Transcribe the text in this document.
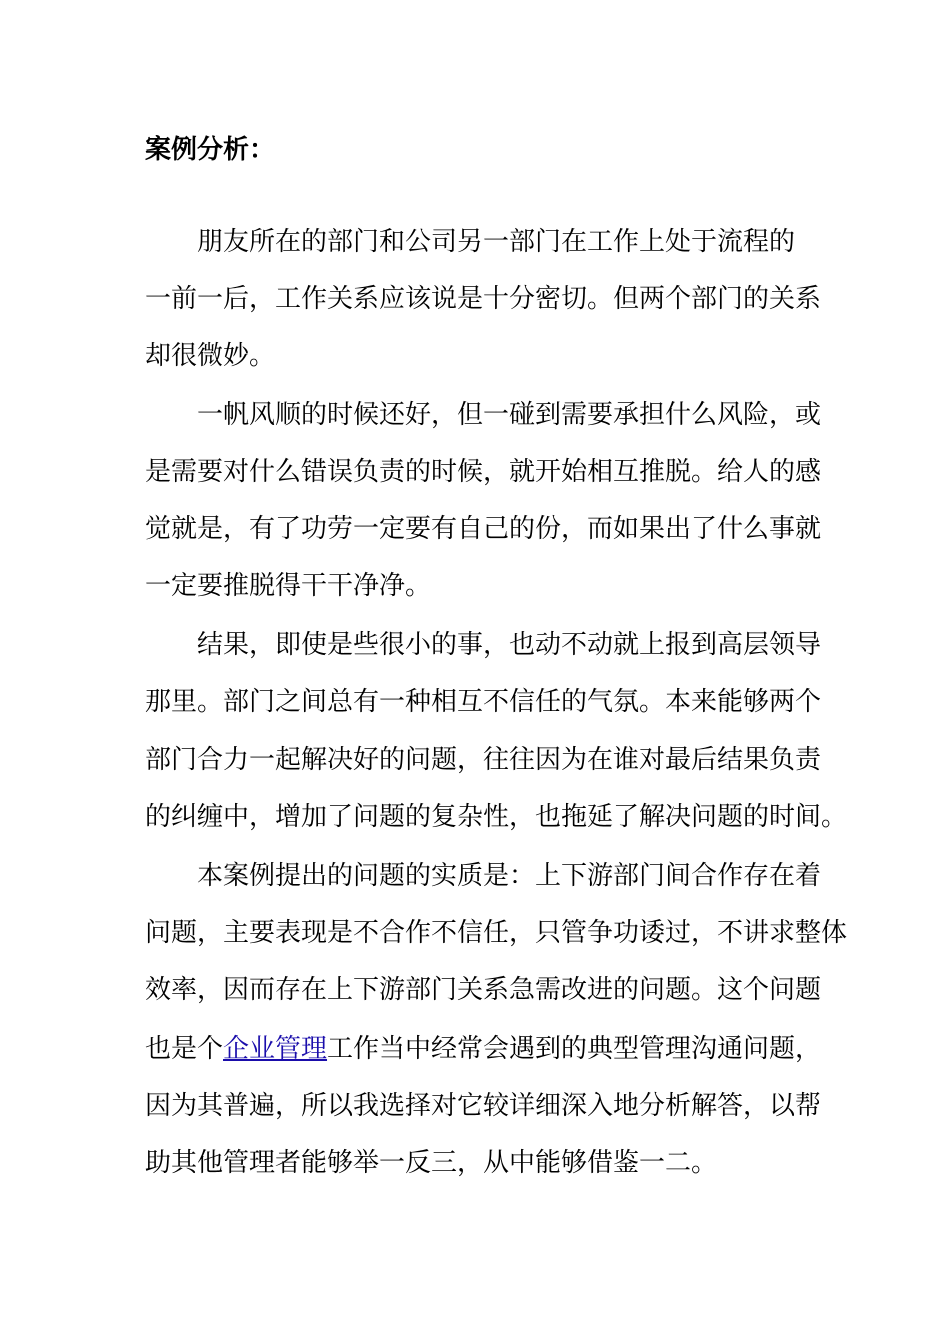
案例分析：
朋友所在的部门和公司另一部门在工作上处于流程的
一前一后，工作关系应该说是十分密切。但两个部门的关系
却很微妙。
一帆风顺的时候还好，但一碰到需要承担什么风险，或
是需要对什么错误负责的时候，就开始相互推脱。给人的感
觉就是，有了功劳一定要有自己的份，而如果出了什么事就
一定要推脱得干干净净。
结果，即使是些很小的事，也动不动就上报到高层领导
那里。部门之间总有一种相互不信任的气氛。本来能够两个
部门合力一起解决好的问题，往往因为在谁对最后结果负责
的纠缠中，增加了问题的复杂性，也拖延了解决问题的时间。
本案例提出的问题的实质是：上下游部门间合作存在着
问题，主要表现是不合作不信任，只管争功诿过，不讲求整体
效率，因而存在上下游部门关系急需改进的问题。这个问题
也是个企业管理工作当中经常会遇到的典型管理沟通问题，
因为其普遍，所以我选择对它较详细深入地分析解答，以帮
助其他管理者能够举一反三，从中能够借鉴一二。
